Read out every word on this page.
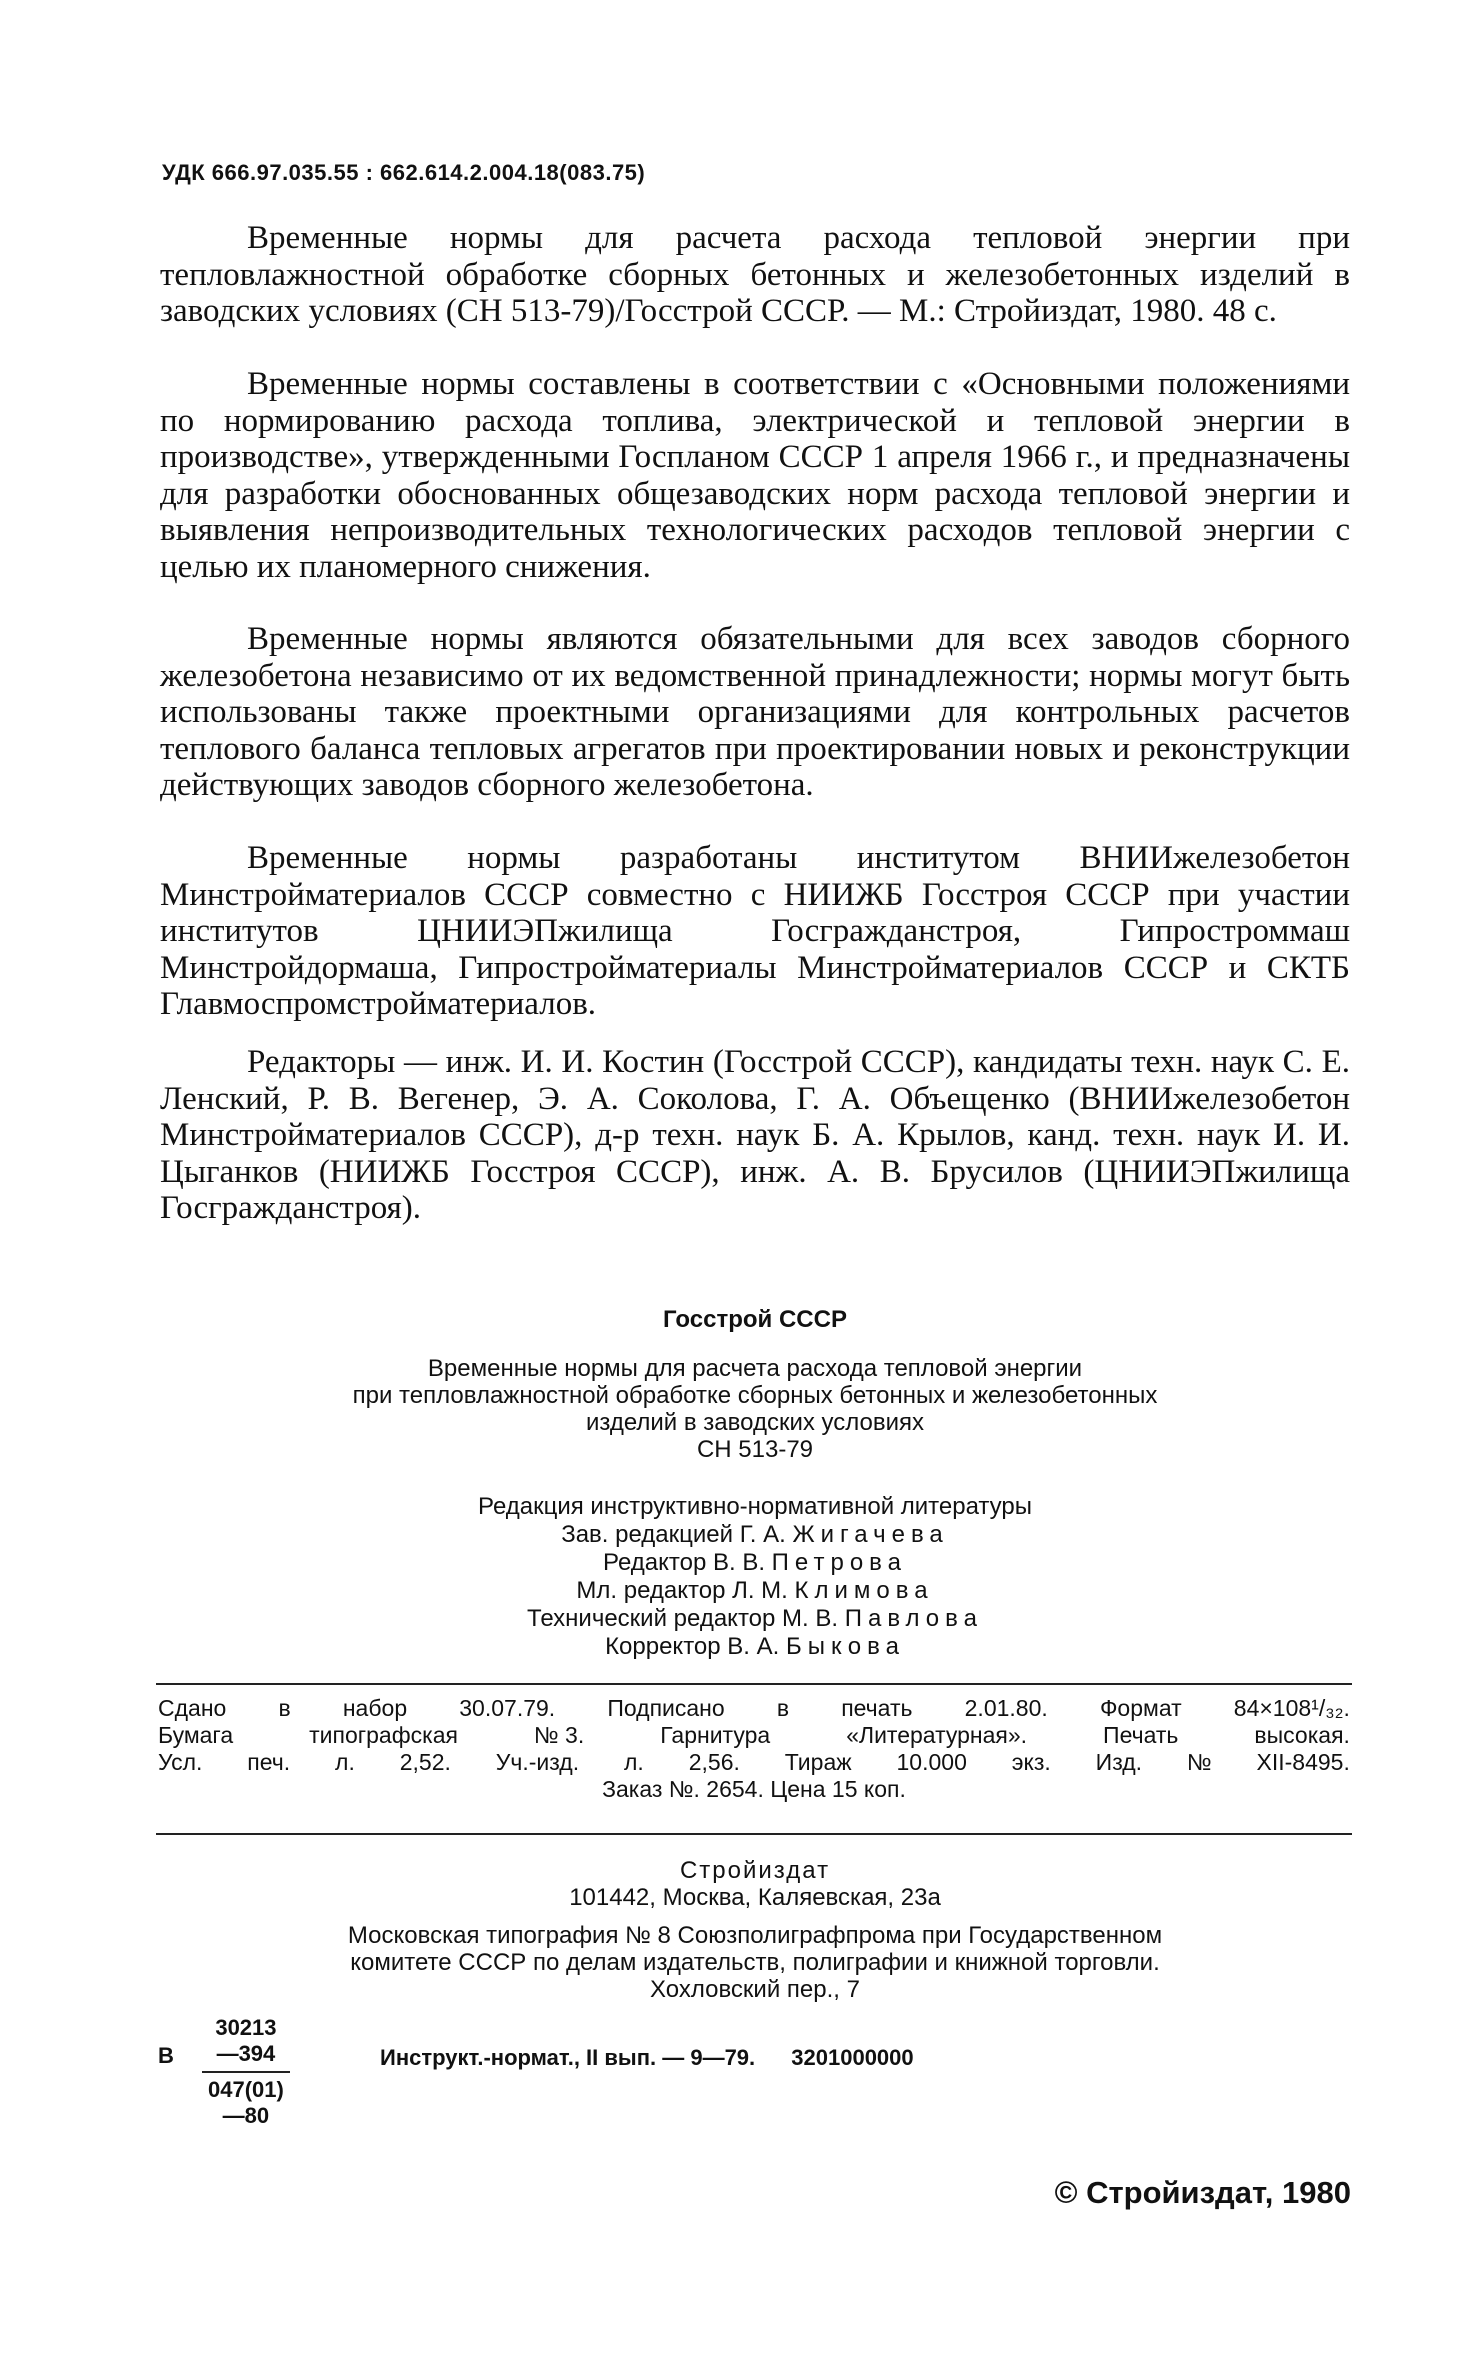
УДК 666.97.035.55 : 662.614.2.004.18(083.75)

Временные нормы для расчета расхода тепловой энергии при тепловлажностной обработке сборных бетонных и железобетонных изделий в заводских условиях (СН 513-79)/Госстрой СССР. — М.: Стройиздат, 1980. 48 с.

Временные нормы составлены в соответствии с «Основными положениями по нормированию расхода топлива, электрической и тепловой энергии в производстве», утвержденными Госпланом СССР 1 апреля 1966 г., и предназначены для разработки обоснованных общезаводских норм расхода тепловой энергии и выявления непроизводительных технологических расходов тепловой энергии с целью их планомерного снижения.

Временные нормы являются обязательными для всех заводов сборного железобетона независимо от их ведомственной принадлежности; нормы могут быть использованы также проектными организациями для контрольных расчетов теплового баланса тепловых агрегатов при проектировании новых и реконструкции действующих заводов сборного железобетона.

Временные нормы разработаны институтом ВНИИжелезобетон Минстройматериалов СССР совместно с НИИЖБ Госстроя СССР при участии институтов ЦНИИЭПжилища Госгражданстроя, Гипростроммаш Минстройдормаша, Гипростройматериалы Минстройматериалов СССР и СКТБ Главмоспромстройматериалов.

Редакторы — инж. И. И. Костин (Госстрой СССР), кандидаты техн. наук С. Е. Ленский, Р. В. Вегенер, Э. А. Соколова, Г. А. Объещенко (ВНИИжелезобетон Минстройматериалов СССР), д-р техн. наук Б. А. Крылов, канд. техн. наук И. И. Цыганков (НИИЖБ Госстроя СССР), инж. А. В. Брусилов (ЦНИИЭПжилища Госгражданстроя).

Госстрой СССР
Временные нормы для расчета расхода тепловой энергии
при тепловлажностной обработке сборных бетонных и железобетонных
изделий в заводских условиях
СН 513-79
Редакция инструктивно-нормативной литературы
Зав. редакцией Г. А. Жигачева
Редактор В. В. Петрова
Мл. редактор Л. М. Климова
Технический редактор М. В. Павлова
Корректор В. А. Быкова
Сдано в набор 30.07.79. Подписано в печать 2.01.80. Формат 84×108¹/₃₂.
Бумага	типографская	№ 3.	Гарнитура	«Литературная».	Печать	высокая.
Усл. печ. л. 2,52. Уч.-изд. л. 2,56. Тираж 10.000 экз. Изд. № XII-8495.
Заказ №. 2654. Цена 15 коп.
Стройиздат
101442, Москва, Каляевская, 23а
Московская типография № 8 Союзполиграфпрома при Государственном
комитете СССР по делам издательств, полиграфии и книжной торговли.
Хохловский пер., 7
В $\frac{30213—394}{047(01)—80}$	Инструкт.-нормат., II вып. — 9—79. 3201000000
© Стройиздат, 1980
